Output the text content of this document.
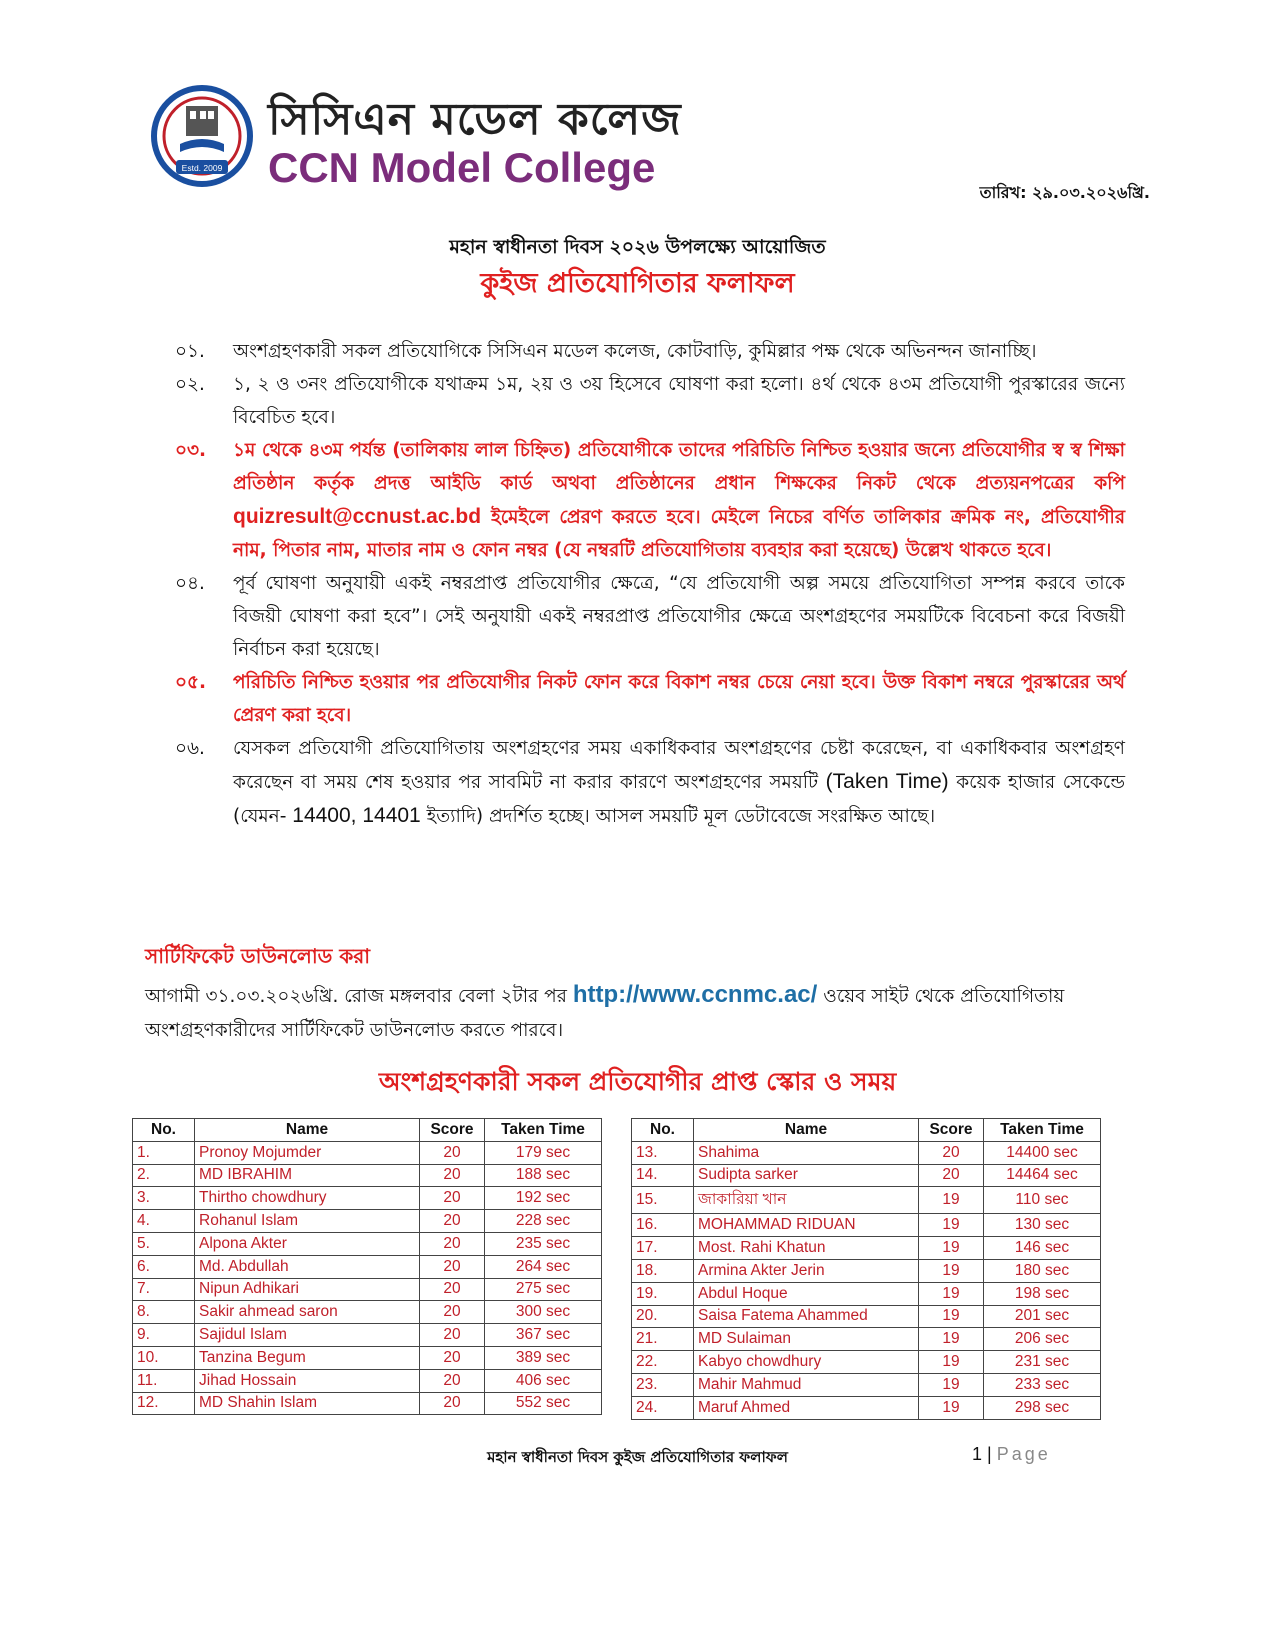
Estd. 2009
সিসিএন মডেল কলেজ
CCN Model College
তারিখ: ২৯.০৩.২০২৬খ্রি.
মহান স্বাধীনতা দিবস ২০২৬ উপলক্ষ্যে আয়োজিত
কুইজ প্রতিযোগিতার ফলাফল
০১.	অংশগ্রহণকারী সকল প্রতিযোগিকে সিসিএন মডেল কলেজ, কোটবাড়ি, কুমিল্লার পক্ষ থেকে অভিনন্দন জানাচ্ছি।
০২.	১, ২ ও ৩নং প্রতিযোগীকে যথাক্রম ১ম, ২য় ও ৩য় হিসেবে ঘোষণা করা হলো। ৪র্থ থেকে ৪৩ম প্রতিযোগী পুরস্কারের জন্যে বিবেচিত হবে।
০৩.	১ম থেকে ৪৩ম পর্যন্ত (তালিকায় লাল চিহ্নিত) প্রতিযোগীকে তাদের পরিচিতি নিশ্চিত হওয়ার জন্যে প্রতিযোগীর স্ব স্ব শিক্ষা প্রতিষ্ঠান কর্তৃক প্রদত্ত আইডি কার্ড অথবা প্রতিষ্ঠানের প্রধান শিক্ষকের নিকট থেকে প্রত্যয়নপত্রের কপি quizresult@ccnust.ac.bd ইমেইলে প্রেরণ করতে হবে। মেইলে নিচের বর্ণিত তালিকার ক্রমিক নং, প্রতিযোগীর নাম, পিতার নাম, মাতার নাম ও ফোন নম্বর (যে নম্বরটি প্রতিযোগিতায় ব্যবহার করা হয়েছে) উল্লেখ থাকতে হবে।
০৪.	পূর্ব ঘোষণা অনুযায়ী একই নম্বরপ্রাপ্ত প্রতিযোগীর ক্ষেত্রে, “যে প্রতিযোগী অল্প সময়ে প্রতিযোগিতা সম্পন্ন করবে তাকে বিজয়ী ঘোষণা করা হবে”। সেই অনুযায়ী একই নম্বরপ্রাপ্ত প্রতিযোগীর ক্ষেত্রে অংশগ্রহণের সময়টিকে বিবেচনা করে বিজয়ী নির্বাচন করা হয়েছে।
০৫.	পরিচিতি নিশ্চিত হওয়ার পর প্রতিযোগীর নিকট ফোন করে বিকাশ নম্বর চেয়ে নেয়া হবে। উক্ত বিকাশ নম্বরে পুরস্কারের অর্থ প্রেরণ করা হবে।
০৬.	যেসকল প্রতিযোগী প্রতিযোগিতায় অংশগ্রহণের সময় একাধিকবার অংশগ্রহণের চেষ্টা করেছেন, বা একাধিকবার অংশগ্রহণ করেছেন বা সময় শেষ হওয়ার পর সাবমিট না করার কারণে অংশগ্রহণের সময়টি (Taken Time) কয়েক হাজার সেকেন্ডে (যেমন- 14400, 14401 ইত্যাদি) প্রদর্শিত হচ্ছে। আসল সময়টি মূল ডেটাবেজে সংরক্ষিত আছে।
সার্টিফিকেট ডাউনলোড করা
আগামী ৩১.০৩.২০২৬খ্রি. রোজ মঙ্গলবার বেলা ২টার পর http://www.ccnmc.ac/ ওয়েব সাইট থেকে প্রতিযোগিতায় অংশগ্রহণকারীদের সার্টিফিকেট ডাউনলোড করতে পারবে।
অংশগ্রহণকারী সকল প্রতিযোগীর প্রাপ্ত স্কোর ও সময়
No.	Name	Score	Taken Time
1.	Pronoy Mojumder	20	179 sec
2.	MD IBRAHIM	20	188 sec
3.	Thirtho chowdhury	20	192 sec
4.	Rohanul Islam	20	228 sec
5.	Alpona Akter	20	235 sec
6.	Md. Abdullah	20	264 sec
7.	Nipun Adhikari	20	275 sec
8.	Sakir ahmead saron	20	300 sec
9.	Sajidul Islam	20	367 sec
10.	Tanzina Begum	20	389 sec
11.	Jihad Hossain	20	406 sec
12.	MD Shahin Islam	20	552 sec
No.	Name	Score	Taken Time
13.	Shahima	20	14400 sec
14.	Sudipta sarker	20	14464 sec
15.	জাকারিয়া খান	19	110 sec
16.	MOHAMMAD RIDUAN	19	130 sec
17.	Most. Rahi Khatun	19	146 sec
18.	Armina Akter Jerin	19	180 sec
19.	Abdul Hoque	19	198 sec
20.	Saisa Fatema Ahammed	19	201 sec
21.	MD Sulaiman	19	206 sec
22.	Kabyo chowdhury	19	231 sec
23.	Mahir Mahmud	19	233 sec
24.	Maruf Ahmed	19	298 sec
মহান স্বাধীনতা দিবস কুইজ প্রতিযোগিতার ফলাফল	1 | Page
